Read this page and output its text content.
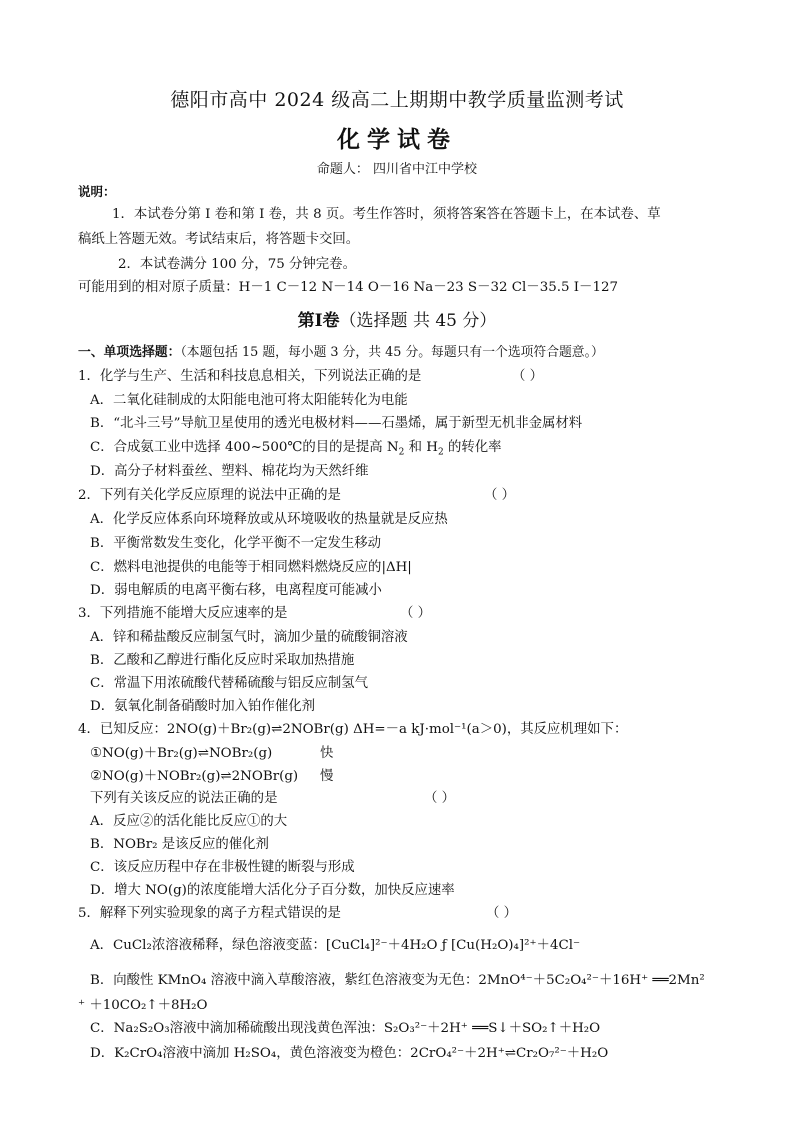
德阳市高中 2024 级高二上期期中教学质量监测考试
化学试卷
命题人： 四川省中江中学校
说明：
1．本试卷分第 I 卷和第 I 卷，共 8 页。考生作答时，须将答案答在答题卡上，在本试卷、草
稿纸上答题无效。考试结束后，将答题卡交回。
2．本试卷满分 100 分，75 分钟完卷。
可能用到的相对原子质量：H－1 C－12 N－14 O－16 Na－23 S－32 Cl－35.5 I－127
第Ⅰ卷（选择题 共 45 分）
一、单项选择题：（本题包括 15 题，每小题 3 分，共 45 分。每题只有一个选项符合题意。）
1．化学与生产、生活和科技息息相关，下列说法正确的是	（ ）
A．二氧化硅制成的太阳能电池可将太阳能转化为电能
B．“北斗三号”导航卫星使用的透光电极材料——石墨烯，属于新型无机非金属材料
C．合成氨工业中选择 400~500℃的目的是提高 $N_2$ 和 $H_2$ 的转化率
D．高分子材料蚕丝、塑料、棉花均为天然纤维
2．下列有关化学反应原理的说法中正确的是	（ ）
A．化学反应体系向环境释放或从环境吸收的热量就是反应热
B．平衡常数发生变化，化学平衡不一定发生移动
C．燃料电池提供的电能等于相同燃料燃烧反应的|ΔH|
D．弱电解质的电离平衡右移，电离程度可能减小
3．下列措施不能增大反应速率的是	（ ）
A．锌和稀盐酸反应制氢气时，滴加少量的硫酸铜溶液
B．乙酸和乙醇进行酯化反应时采取加热措施
C．常温下用浓硫酸代替稀硫酸与铝反应制氢气
D．氨氧化制备硝酸时加入铂作催化剂
4．已知反应：2NO(g)＋Br₂(g)⇌2NOBr(g) ΔH=－a kJ·mol⁻¹(a＞0)，其反应机理如下：
①NO(g)＋Br₂(g)⇌NOBr₂(g)	快
②NO(g)＋NOBr₂(g)⇌2NOBr(g) 慢
下列有关该反应的说法正确的是	（ ）
A．反应②的活化能比反应①的大
B．NOBr₂ 是该反应的催化剂
C．该反应历程中存在非极性键的断裂与形成
D．增大 NO(g)的浓度能增大活化分子百分数，加快反应速率
5．解释下列实验现象的离子方程式错误的是	（ ）
A．CuCl₂浓溶液稀释，绿色溶液变蓝：[CuCl₄]²⁻＋4H₂O ƒ [Cu(H₂O)₄]²⁺＋4Cl⁻
B．向酸性 KMnO₄ 溶液中滴入草酸溶液，紫红色溶液变为无色：2MnO⁴⁻＋5C₂O₄²⁻＋16H⁺ ══2Mn²
⁺ ＋10CO₂↑＋8H₂O
C．Na₂S₂O₃溶液中滴加稀硫酸出现浅黄色浑浊：S₂O₃²⁻＋2H⁺ ══S↓＋SO₂↑＋H₂O
D．K₂CrO₄溶液中滴加 H₂SO₄，黄色溶液变为橙色：2CrO₄²⁻＋2H⁺⇌Cr₂O₇²⁻＋H₂O
